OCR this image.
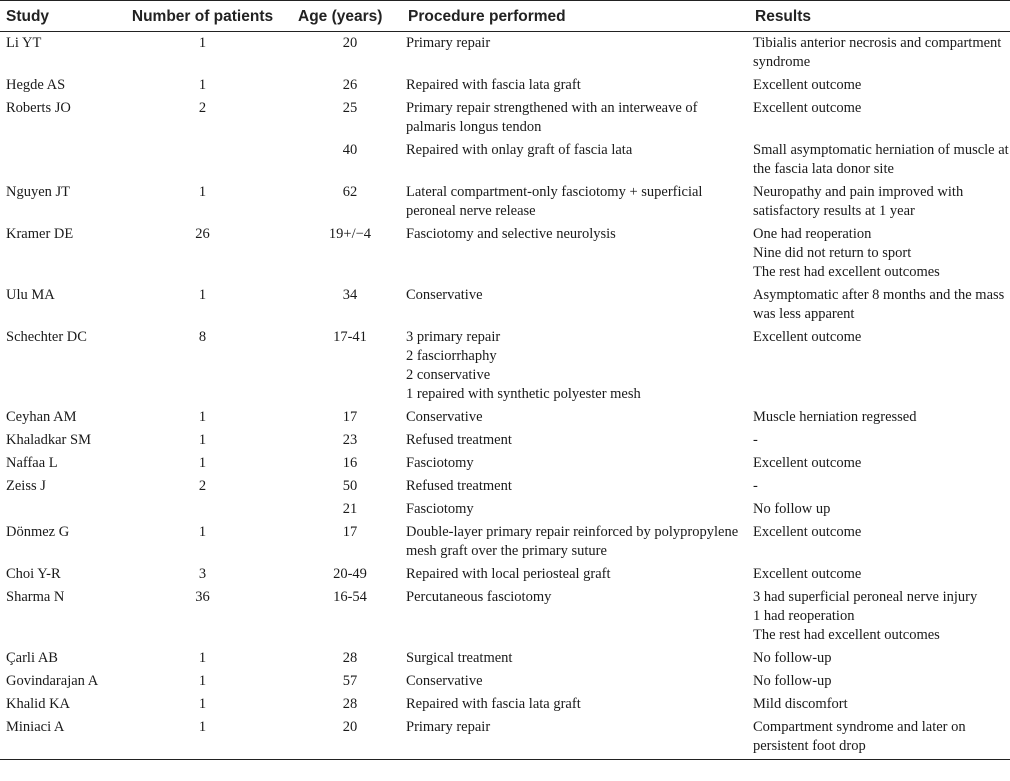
Study	Number of patients	Age (years)	Procedure performed	Results
Li YT	1	20	Primary repair	Tibialis anterior necrosis and compartment syndrome

Hegde AS	1	26	Repaired with fascia lata graft	Excellent outcome

Roberts JO	2	25	Primary repair strengthened with an interweave of palmaris longus tendon	Excellent outcome

		40	Repaired with onlay graft of fascia lata	Small asymptomatic herniation of muscle at the fascia lata donor site

Nguyen JT	1	62	Lateral compartment-only fasciotomy + superficial peroneal nerve release	Neuropathy and pain improved with satisfactory results at 1 year

Kramer DE	26	19+/−4	Fasciotomy and selective neurolysis	One had reoperation
Nine did not return to sport
The rest had excellent outcomes

Ulu MA	1	34	Conservative	Asymptomatic after 8 months and the mass was less apparent

Schechter DC	8	17-41	3 primary repair
2 fasciorrhaphy
2 conservative
1 repaired with synthetic polyester mesh	Excellent outcome

Ceyhan AM	1	17	Conservative	Muscle herniation regressed

Khaladkar SM	1	23	Refused treatment	-

Naffaa L	1	16	Fasciotomy	Excellent outcome

Zeiss J	2	50	Refused treatment	-

		21	Fasciotomy	No follow up

Dönmez G	1	17	Double-layer primary repair reinforced by polypropylene mesh graft over the primary suture	Excellent outcome

Choi Y-R	3	20-49	Repaired with local periosteal graft	Excellent outcome

Sharma N	36	16-54	Percutaneous fasciotomy	3 had superficial peroneal nerve injury
1 had reoperation
The rest had excellent outcomes

Çarli AB	1	28	Surgical treatment	No follow-up

Govindarajan A	1	57	Conservative	No follow-up

Khalid KA	1	28	Repaired with fascia lata graft	Mild discomfort

Miniaci A	1	20	Primary repair	Compartment syndrome and later on persistent foot drop
